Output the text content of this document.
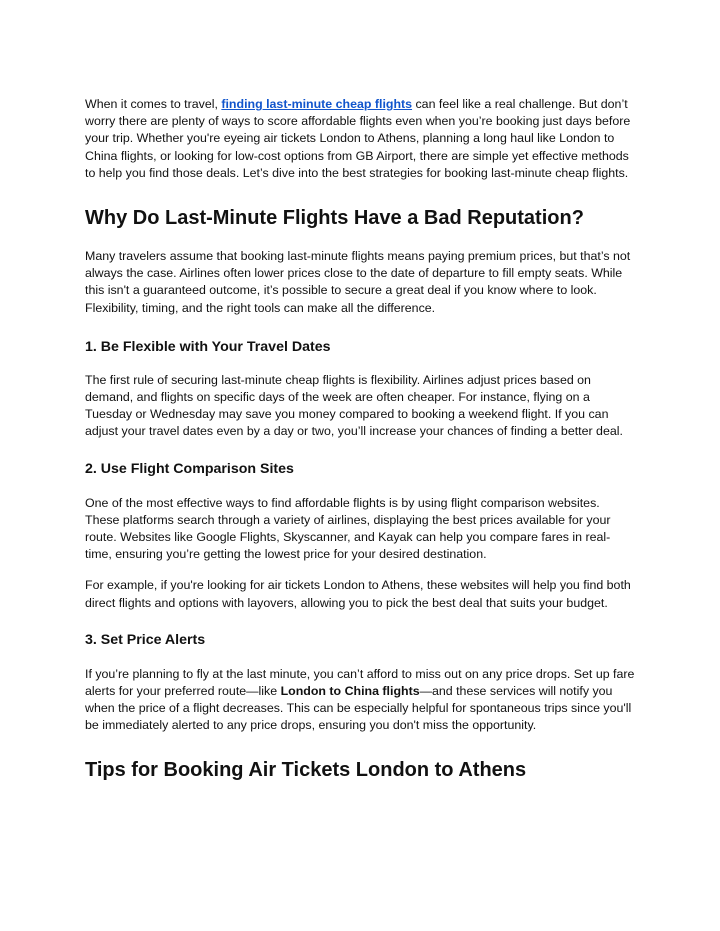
When it comes to travel, finding last-minute cheap flights can feel like a real challenge. But don’t worry there are plenty of ways to score affordable flights even when you’re booking just days before your trip. Whether you're eyeing air tickets London to Athens, planning a long haul like London to China flights, or looking for low-cost options from GB Airport, there are simple yet effective methods to help you find those deals. Let’s dive into the best strategies for booking last-minute cheap flights.

Why Do Last-Minute Flights Have a Bad Reputation?

Many travelers assume that booking last-minute flights means paying premium prices, but that’s not always the case. Airlines often lower prices close to the date of departure to fill empty seats. While this isn't a guaranteed outcome, it’s possible to secure a great deal if you know where to look. Flexibility, timing, and the right tools can make all the difference.

1. Be Flexible with Your Travel Dates

The first rule of securing last-minute cheap flights is flexibility. Airlines adjust prices based on demand, and flights on specific days of the week are often cheaper. For instance, flying on a Tuesday or Wednesday may save you money compared to booking a weekend flight. If you can adjust your travel dates even by a day or two, you’ll increase your chances of finding a better deal.

2. Use Flight Comparison Sites

One of the most effective ways to find affordable flights is by using flight comparison websites. These platforms search through a variety of airlines, displaying the best prices available for your route. Websites like Google Flights, Skyscanner, and Kayak can help you compare fares in real-time, ensuring you’re getting the lowest price for your desired destination.

For example, if you're looking for air tickets London to Athens, these websites will help you find both direct flights and options with layovers, allowing you to pick the best deal that suits your budget.

3. Set Price Alerts

If you’re planning to fly at the last minute, you can’t afford to miss out on any price drops. Set up fare alerts for your preferred route—like London to China flights—and these services will notify you when the price of a flight decreases. This can be especially helpful for spontaneous trips since you'll be immediately alerted to any price drops, ensuring you don't miss the opportunity.

Tips for Booking Air Tickets London to Athens
